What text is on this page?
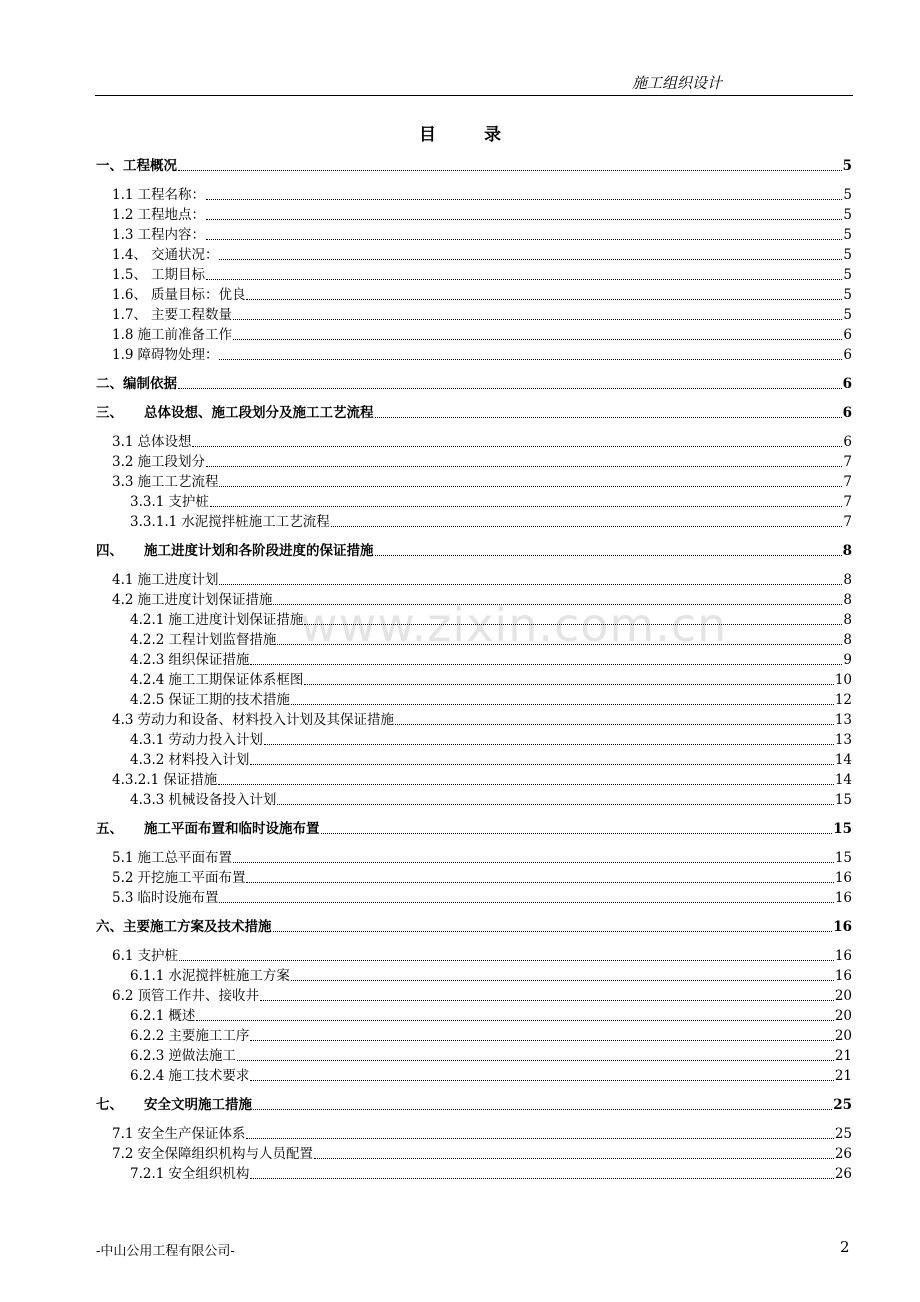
施工组织设计
目录
www.zixin.com.cn
一、 工程概况	5
1.1 工程名称：	5
1.2 工程地点：	5
1.3 工程内容：	5
1.4、 交通状况：	5
1.5、 工期目标	5
1.6、 质量目标：优良	5
1.7、 主要工程数量	5
1.8 施工前准备工作	6
1.9 障碍物处理：	6
二、 编制依据	6
三、	总体设想、施工段划分及施工工艺流程	6
3.1 总体设想	6
3.2 施工段划分	7
3.3 施工工艺流程	7
3.3.1 支护桩	7
3.3.1.1 水泥搅拌桩施工工艺流程	7
四、	施工进度计划和各阶段进度的保证措施	8
4.1 施工进度计划	8
4.2 施工进度计划保证措施	8
4.2.1 施工进度计划保证措施	8
4.2.2 工程计划监督措施	8
4.2.3 组织保证措施	9
4.2.4 施工工期保证体系框图	10
4.2.5 保证工期的技术措施	12
4.3 劳动力和设备、材料投入计划及其保证措施	13
4.3.1 劳动力投入计划	13
4.3.2 材料投入计划	14
4.3.2.1 保证措施	14
4.3.3 机械设备投入计划	15
五、	施工平面布置和临时设施布置	15
5.1 施工总平面布置	15
5.2 开挖施工平面布置	16
5.3 临时设施布置	16
六、 主要施工方案及技术措施	16
6.1 支护桩	16
6.1.1 水泥搅拌桩施工方案	16
6.2 顶管工作井、接收井	20
6.2.1 概述	20
6.2.2 主要施工工序	20
6.2.3 逆做法施工	21
6.2.4 施工技术要求	21
七、	安全文明施工措施	25
7.1 安全生产保证体系	25
7.2 安全保障组织机构与人员配置	26
7.2.1 安全组织机构	26
-中山公用工程有限公司-	2
